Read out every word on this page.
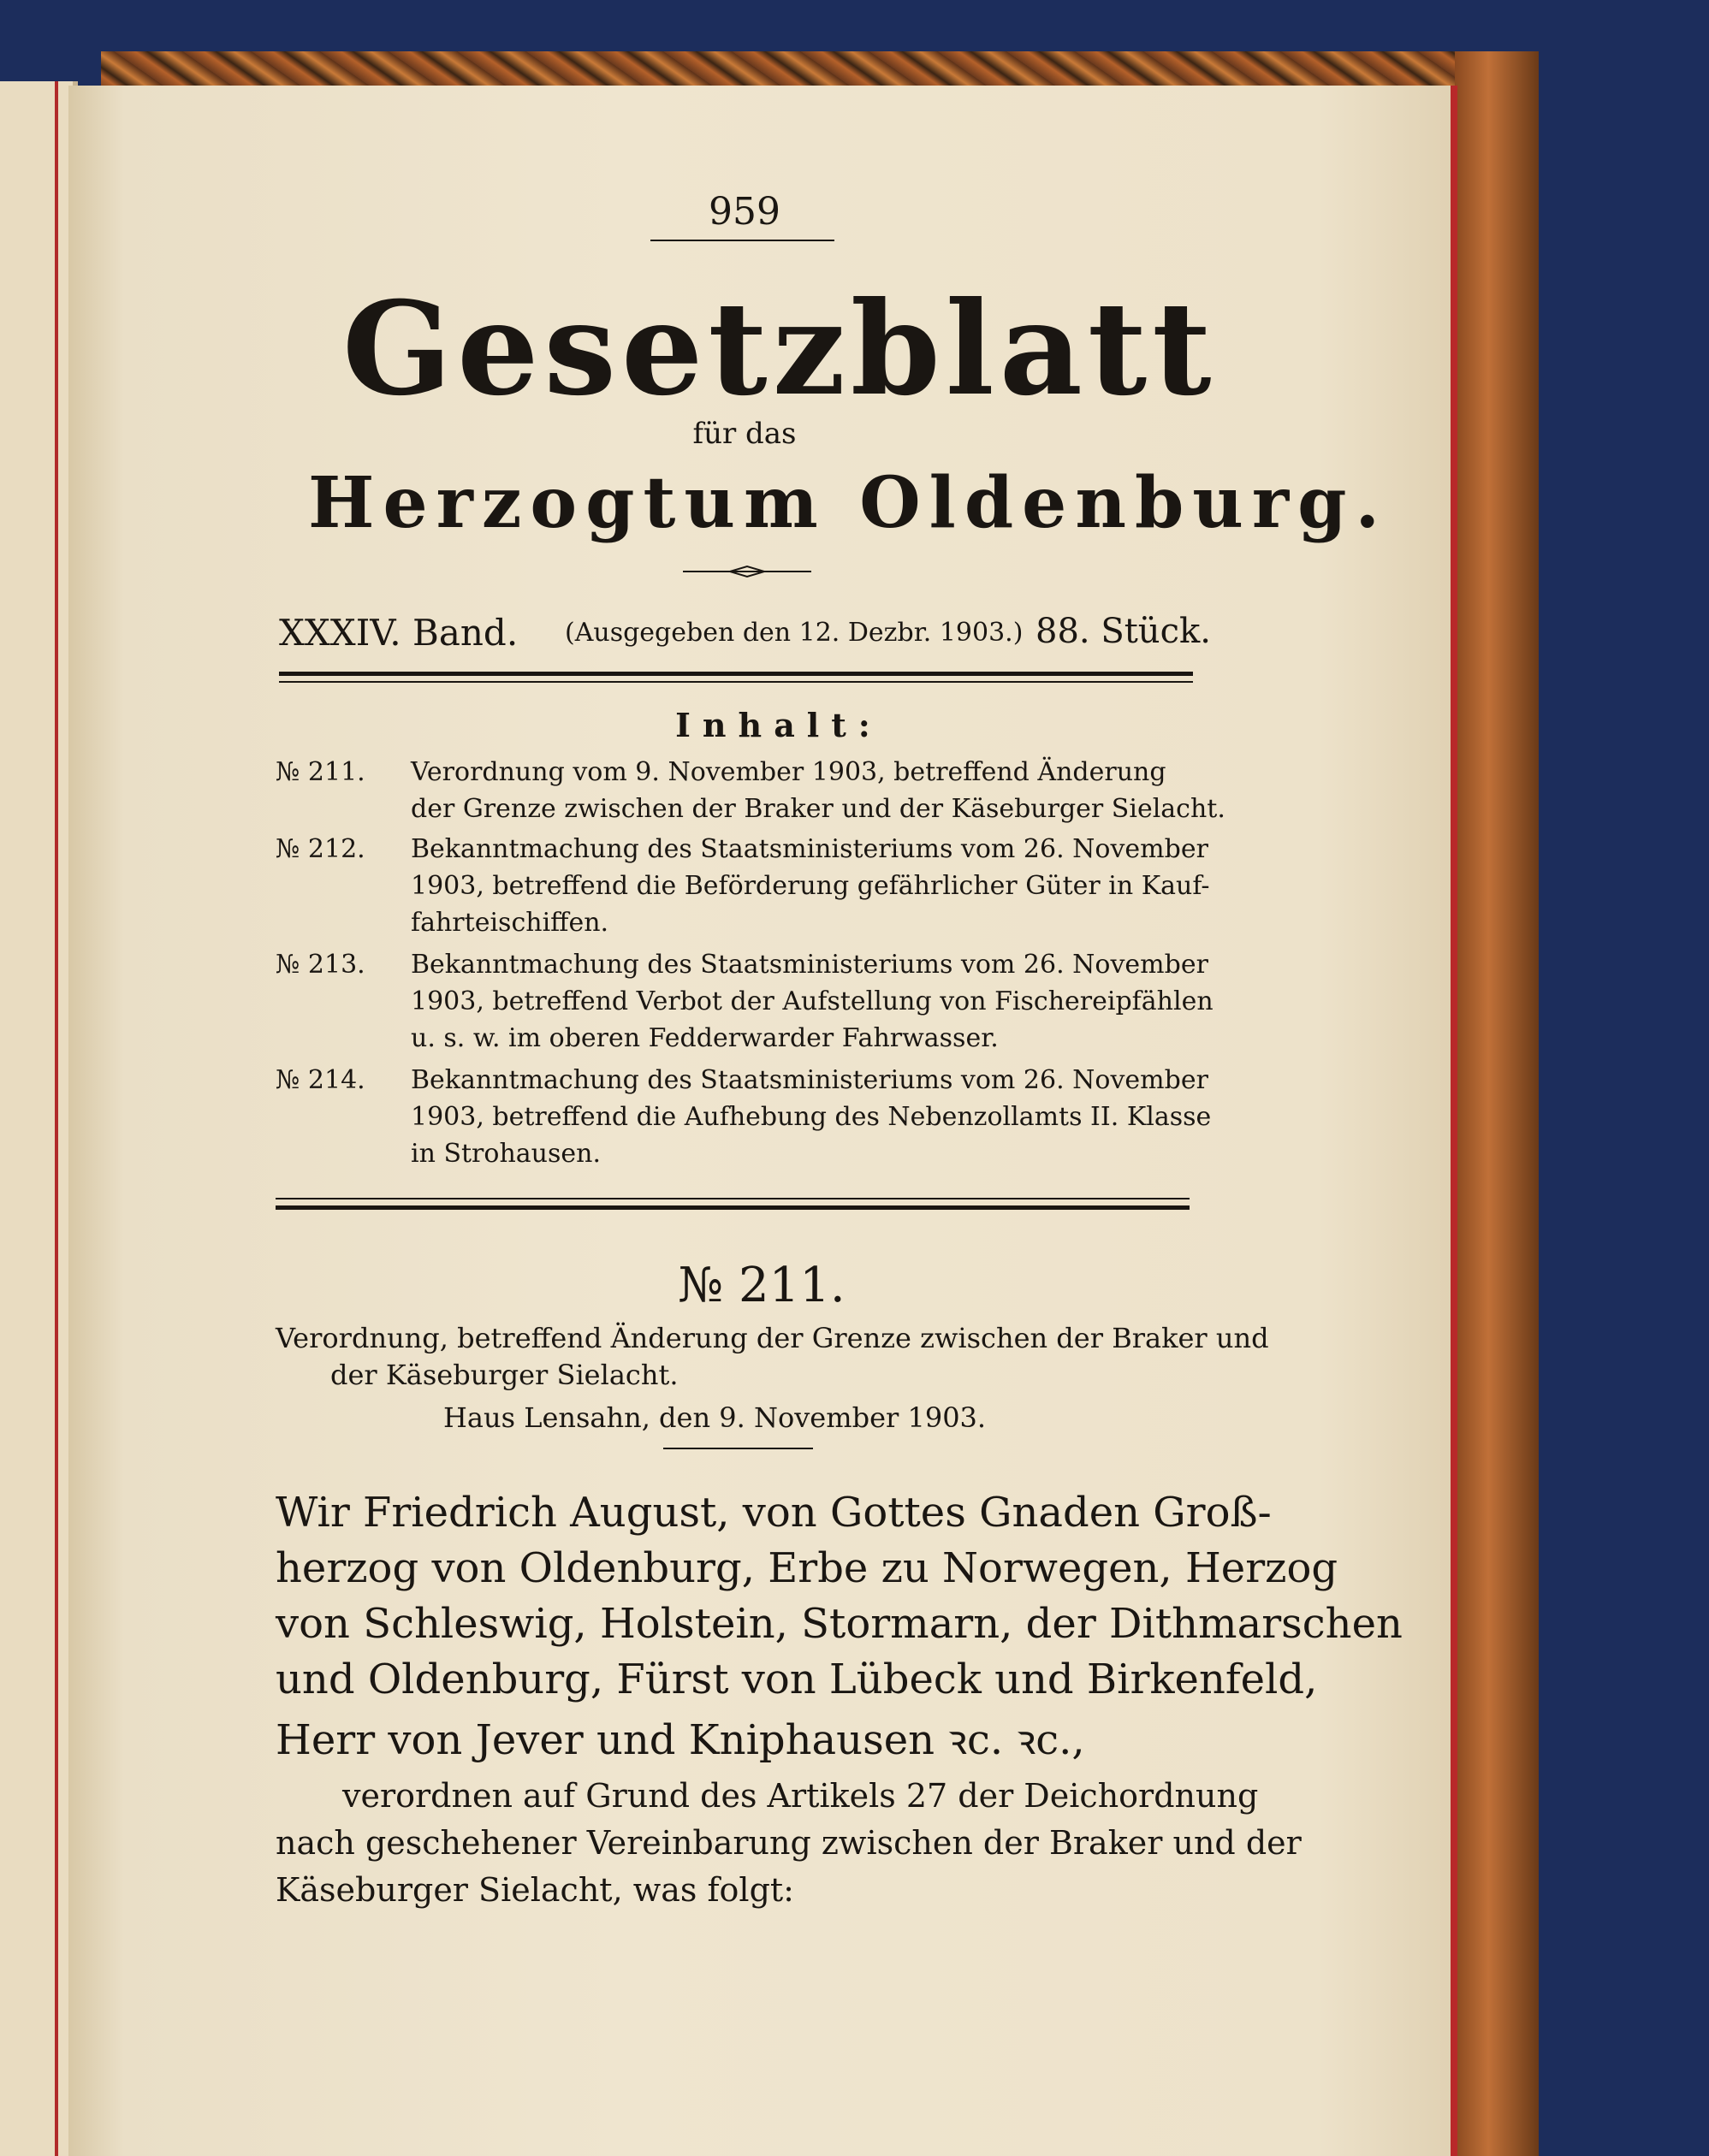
959
Gesetzblatt
für das
Herzogtum Oldenburg.
XXXIV. Band. (Ausgegeben den 12. Dezbr. 1903.) 88. Stück.
Inhalt:
№ 211. Verordnung vom 9. November 1903, betreffend Änderung
der Grenze zwischen der Braker und der Käseburger Sielacht.
№ 212. Bekanntmachung des Staatsministeriums vom 26. November
1903, betreffend die Beförderung gefährlicher Güter in Kauf-
fahrteischiffen.
№ 213. Bekanntmachung des Staatsministeriums vom 26. November
1903, betreffend Verbot der Aufstellung von Fischereipfählen
u. s. w. im oberen Fedderwarder Fahrwasser.
№ 214. Bekanntmachung des Staatsministeriums vom 26. November
1903, betreffend die Aufhebung des Nebenzollamts II. Klasse
in Strohausen.
№ 211.
Verordnung, betreffend Änderung der Grenze zwischen der Braker und
der Käseburger Sielacht.
Haus Lensahn, den 9. November 1903.
Wir Friedrich August, von Gottes Gnaden Groß-
herzog von Oldenburg, Erbe zu Norwegen, Herzog
von Schleswig, Holstein, Stormarn, der Dithmarschen
und Oldenburg, Fürst von Lübeck und Birkenfeld,
Herr von Jever und Kniphausen ꝛc. ꝛc.,
verordnen auf Grund des Artikels 27 der Deichordnung
nach geschehener Vereinbarung zwischen der Braker und der
Käseburger Sielacht, was folgt:
